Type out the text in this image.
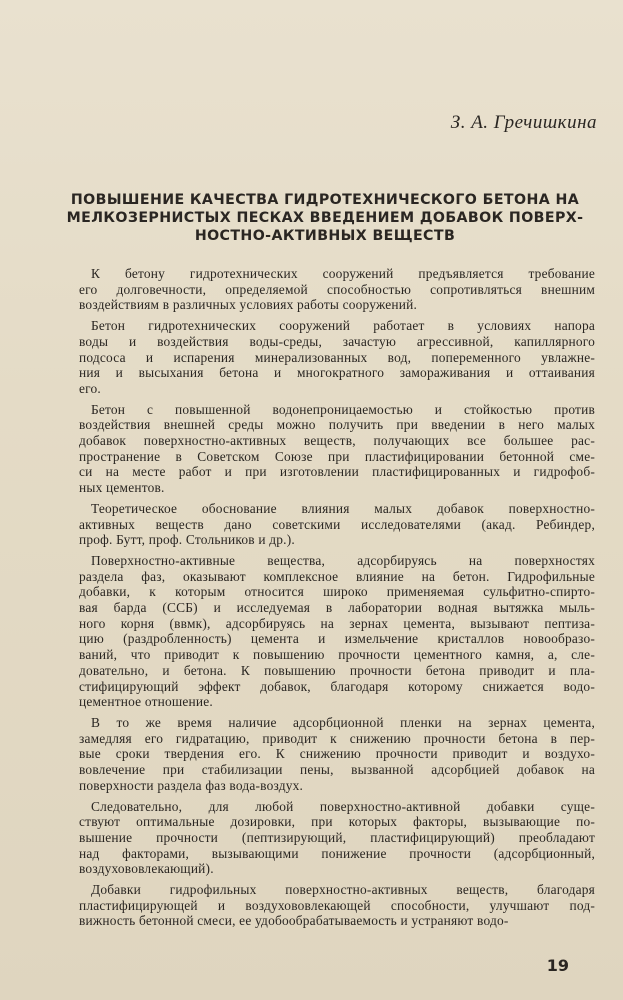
З. А. Гречишкина
ПОВЫШЕНИЕ КАЧЕСТВА ГИДРОТЕХНИЧЕСКОГО БЕТОНА НА
МЕЛКОЗЕРНИСТЫХ ПЕСКАХ ВВЕДЕНИЕМ ДОБАВОК ПОВЕРХ-
НОСТНО-АКТИВНЫХ ВЕЩЕСТВ
К бетону гидротехнических сооружений предъявляется требование
его долговечности, определяемой способностью сопротивляться внешним
воздействиям в различных условиях работы сооружений.
Бетон гидротехнических сооружений работает в условиях напора
воды и воздействия воды-среды, зачастую агрессивной, капиллярного
подсоса и испарения минерализованных вод, попеременного увлажне-
ния и высыхания бетона и многократного замораживания и оттаивания
его.
Бетон с повышенной водонепроницаемостью и стойкостью против
воздействия внешней среды можно получить при введении в него малых
добавок поверхностно-активных веществ, получающих все большее рас-
пространение в Советском Союзе при пластифицировании бетонной сме-
си на месте работ и при изготовлении пластифицированных и гидрофоб-
ных цементов.
Теоретическое обоснование влияния малых добавок поверхностно-
активных веществ дано советскими исследователями (акад. Ребиндер,
проф. Бутт, проф. Стольников и др.).
Поверхностно-активные вещества, адсорбируясь на поверхностях
раздела фаз, оказывают комплексное влияние на бетон. Гидрофильные
добавки, к которым относится широко применяемая сульфитно-спирто-
вая барда (ССБ) и исследуемая в лаборатории водная вытяжка мыль-
ного корня (ввмк), адсорбируясь на зернах цемента, вызывают пептиза-
цию (раздробленность) цемента и измельчение кристаллов новообразо-
ваний, что приводит к повышению прочности цементного камня, а, сле-
довательно, и бетона. К повышению прочности бетона приводит и пла-
стифицирующий эффект добавок, благодаря которому снижается водо-
цементное отношение.
В то же время наличие адсорбционной пленки на зернах цемента,
замедляя его гидратацию, приводит к снижению прочности бетона в пер-
вые сроки твердения его. К снижению прочности приводит и воздухо-
вовлечение при стабилизации пены, вызванной адсорбцией добавок на
поверхности раздела фаз вода-воздух.
Следовательно, для любой поверхностно-активной добавки суще-
ствуют оптимальные дозировки, при которых факторы, вызывающие по-
вышение прочности (пептизирующий, пластифицирующий) преобладают
над факторами, вызывающими понижение прочности (адсорбционный,
воздухововлекающий).
Добавки гидрофильных поверхностно-активных веществ, благодаря
пластифицирующей и воздухововлекающей способности, улучшают под-
вижность бетонной смеси, ее удобообрабатываемость и устраняют водо-
19
